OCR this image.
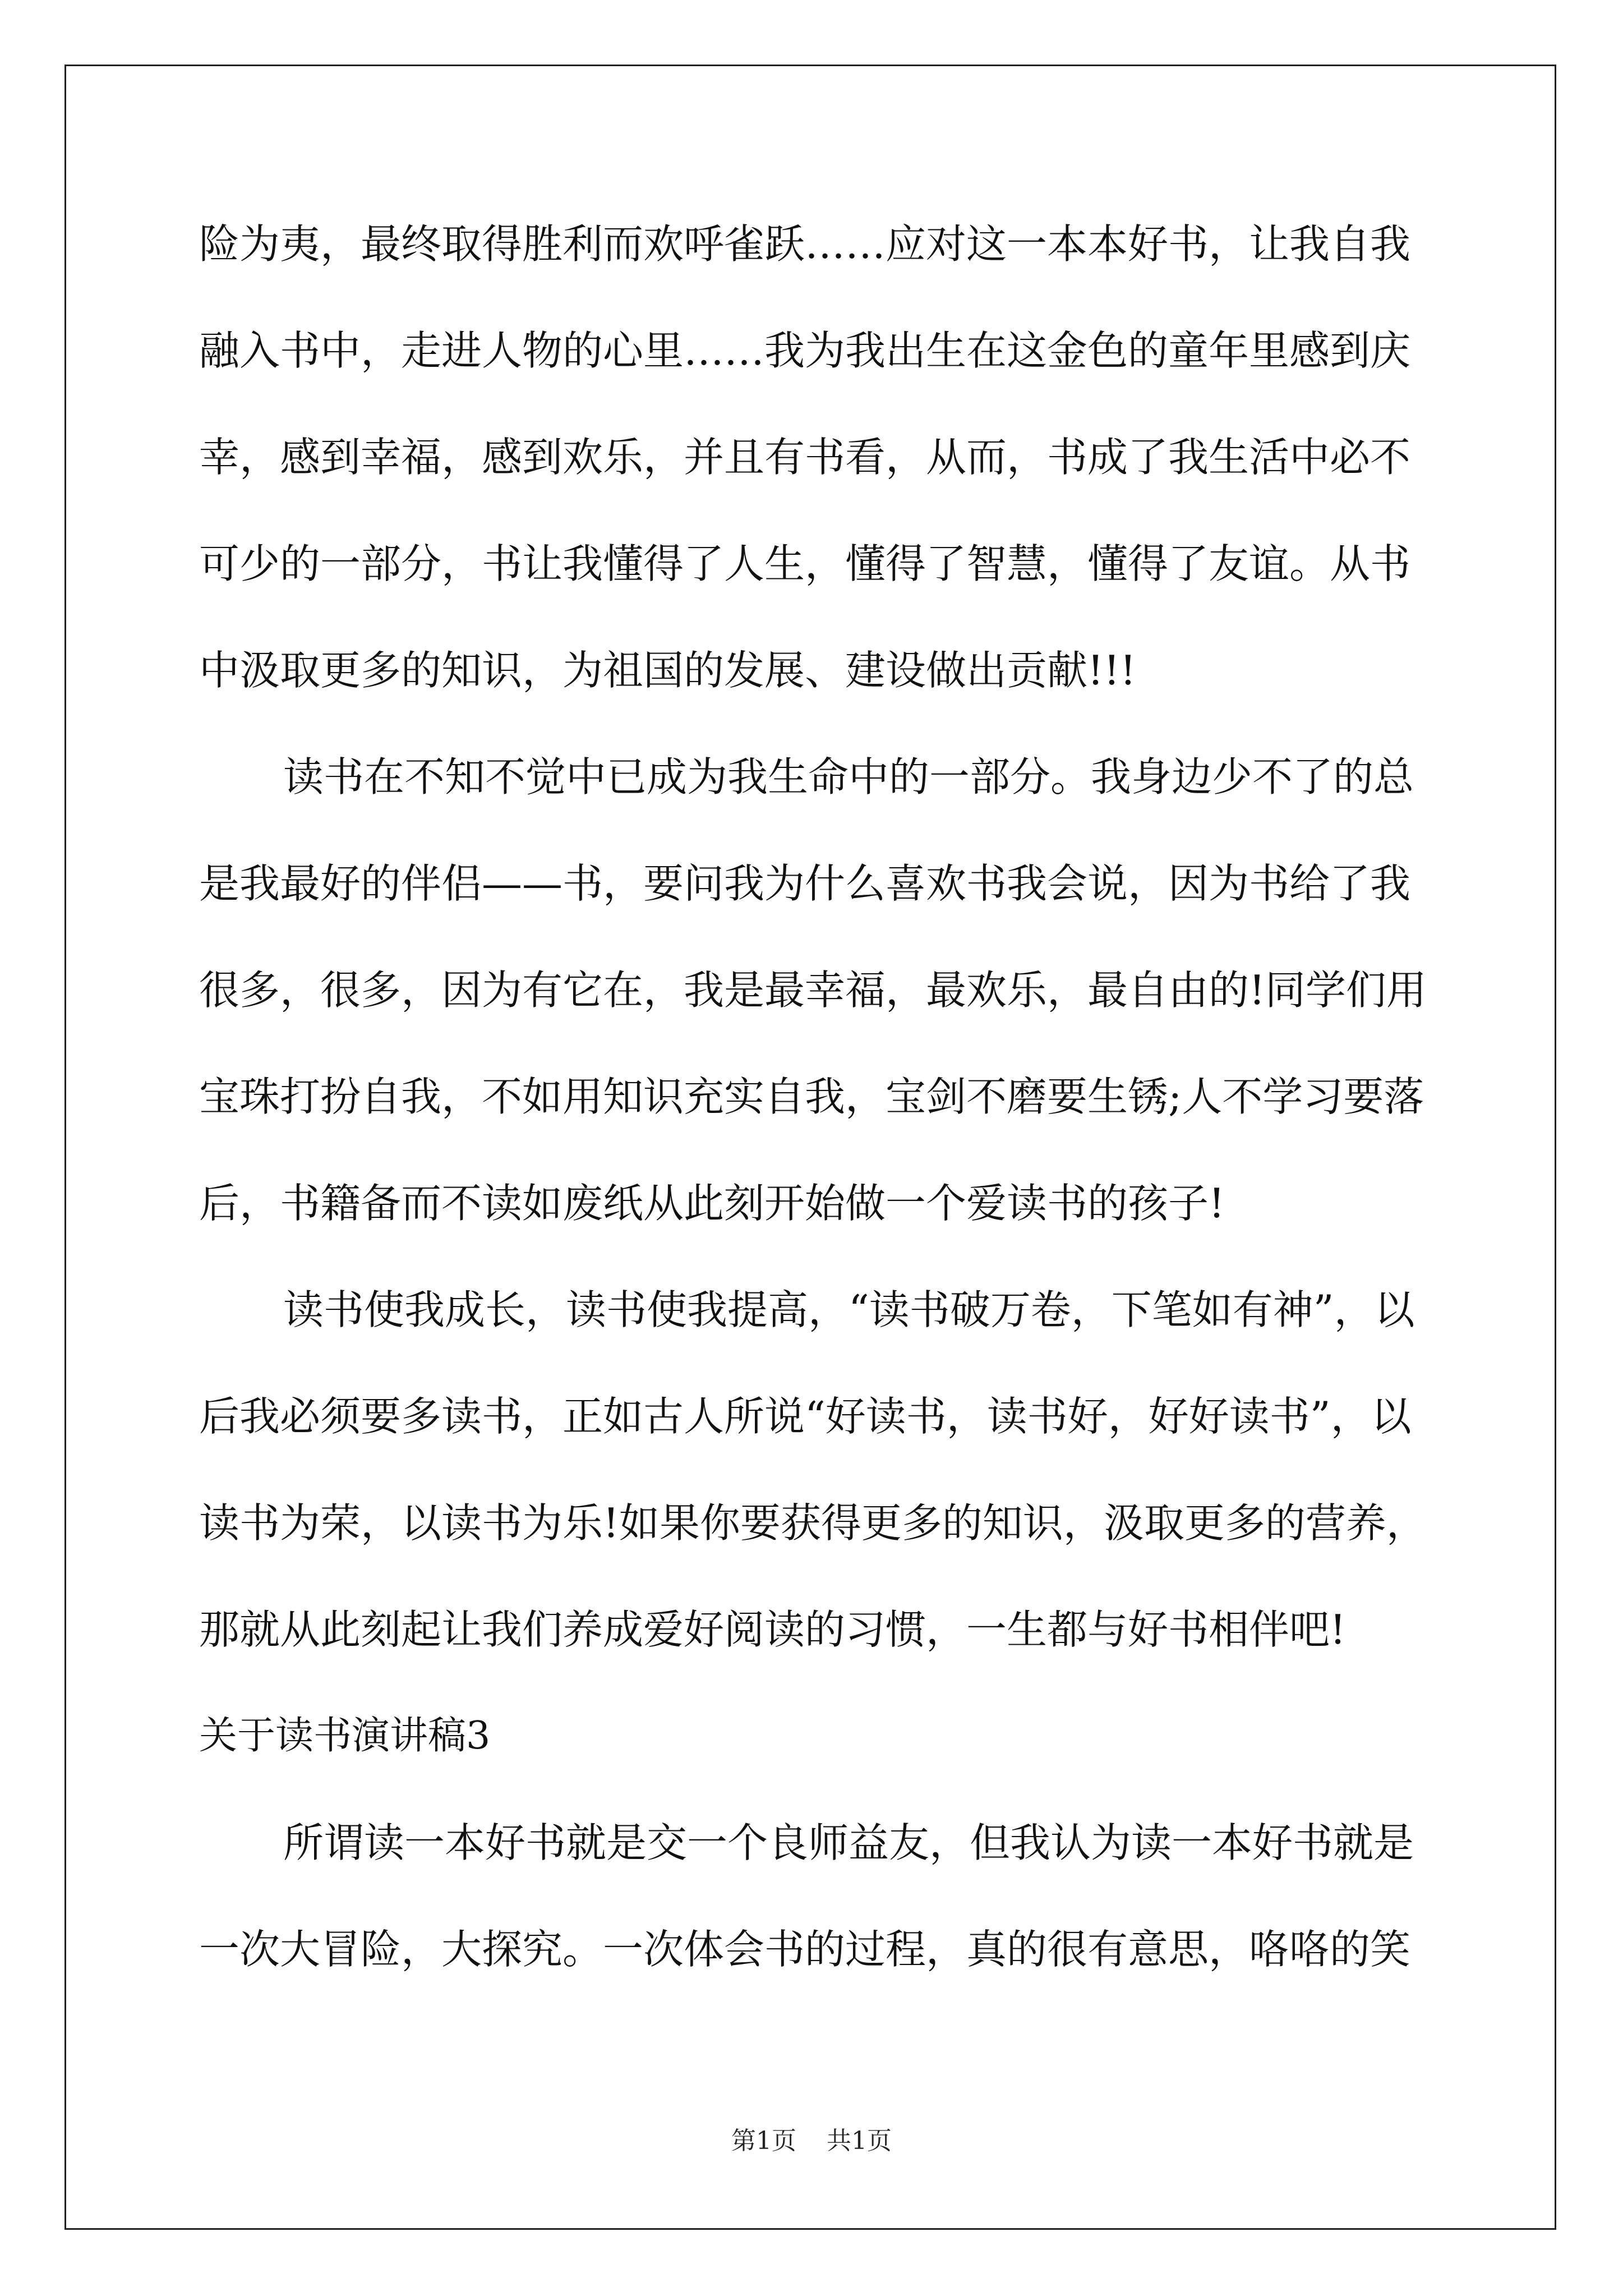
险为夷，最终取得胜利而欢呼雀跃……应对这一本本好书，让我自我
融入书中，走进人物的心里……我为我出生在这金色的童年里感到庆
幸，感到幸福，感到欢乐，并且有书看，从而，书成了我生活中必不
可少的一部分，书让我懂得了人生，懂得了智慧，懂得了友谊。从书
中汲取更多的知识，为祖国的发展、建设做出贡献!!!
读书在不知不觉中已成为我生命中的一部分。我身边少不了的总
是我最好的伴侣——书，要问我为什么喜欢书我会说，因为书给了我
很多，很多，因为有它在，我是最幸福，最欢乐，最自由的!同学们用
宝珠打扮自我，不如用知识充实自我，宝剑不磨要生锈;人不学习要落
后，书籍备而不读如废纸从此刻开始做一个爱读书的孩子!
读书使我成长，读书使我提高，“读书破万卷，下笔如有神”，以
后我必须要多读书，正如古人所说“好读书，读书好，好好读书”，以
读书为荣，以读书为乐!如果你要获得更多的知识，汲取更多的营养，
那就从此刻起让我们养成爱好阅读的习惯，一生都与好书相伴吧!
关于读书演讲稿3
所谓读一本好书就是交一个良师益友，但我认为读一本好书就是
一次大冒险，大探究。一次体会书的过程，真的很有意思，咯咯的笑
第1页 共1页
